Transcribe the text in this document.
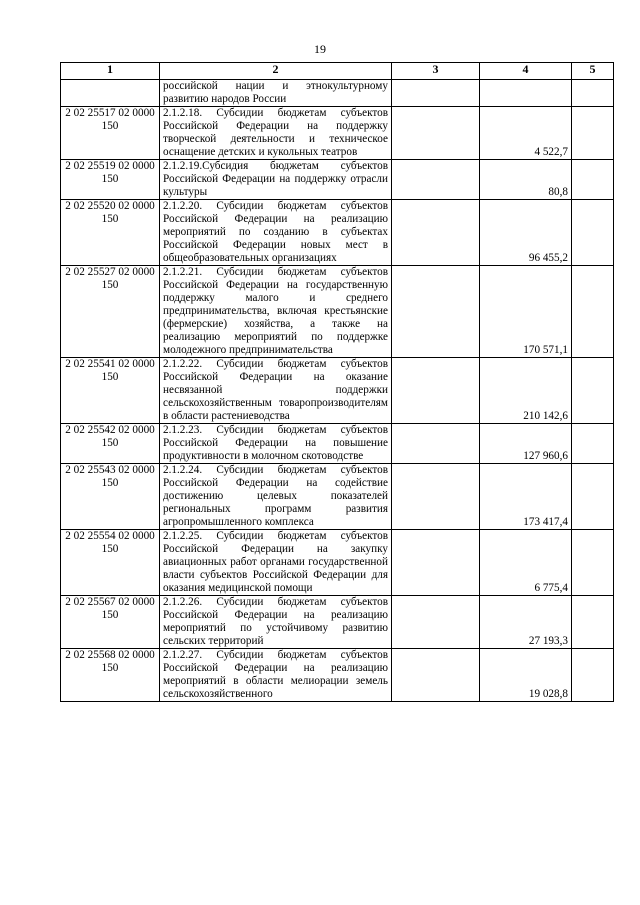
19
1	2	3	4	5
	российской нации и этнокультурному развитию народов России			
2 02 25517 02 0000 150	2.1.2.18. Субсидии бюджетам субъектов Российской Федерации на поддержку творческой деятельности и техническое оснащение детских и кукольных театров		4 522,7	
2 02 25519 02 0000 150	2.1.2.19.Субсидия бюджетам субъектов Российской Федерации на поддержку отрасли культуры		80,8	
2 02 25520 02 0000 150	2.1.2.20. Субсидии бюджетам субъектов Российской Федерации на реализацию мероприятий по созданию в субъектах Российской Федерации новых мест в общеобразовательных организациях		96 455,2	
2 02 25527 02 0000 150	2.1.2.21. Субсидии бюджетам субъектов Российской Федерации на государственную поддержку малого и среднего предпринимательства, включая крестьянские (фермерские) хозяйства, а также на реализацию мероприятий по поддержке молодежного предпринимательства		170 571,1	
2 02 25541 02 0000 150	2.1.2.22. Субсидии бюджетам субъектов Российской Федерации на оказание несвязанной поддержки сельскохозяйственным товаропроизводителям в области растениеводства		210 142,6	
2 02 25542 02 0000 150	2.1.2.23. Субсидии бюджетам субъектов Российской Федерации на повышение продуктивности в молочном скотоводстве		127 960,6	
2 02 25543 02 0000 150	2.1.2.24. Субсидии бюджетам субъектов Российской Федерации на содействие достижению целевых показателей региональных программ развития агропромышленного комплекса		173 417,4	
2 02 25554 02 0000 150	2.1.2.25. Субсидии бюджетам субъектов Российской Федерации на закупку авиационных работ органами государственной власти субъектов Российской Федерации для оказания медицинской помощи		6 775,4	
2 02 25567 02 0000 150	2.1.2.26. Субсидии бюджетам субъектов Российской Федерации на реализацию мероприятий по устойчивому развитию сельских территорий		27 193,3	
2 02 25568 02 0000 150	2.1.2.27. Субсидии бюджетам субъектов Российской Федерации на реализацию мероприятий в области мелиорации земель сельскохозяйственного		19 028,8	
